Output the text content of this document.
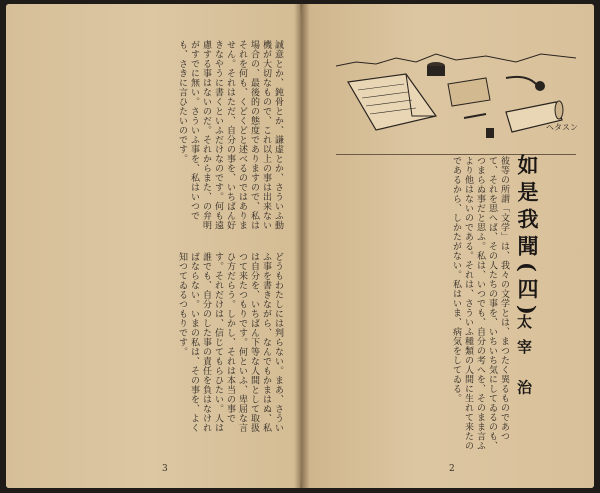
誠意とか、鈍骨とか、謙虚とか、さういふ動機が大切なもので、これ以上の事は出来ない場合の、最後的の態度でありますので、私はそれを何も、くどくどと述べるのではありません。それはただ、自分の事を、いちばん好きなやうに書くといふだけなのです。何も遠慮する事はないのだ。それからまた、の弁明がすでに無い。さういふ事を、私はいつでも、さきに言ひたいのです。
どうもわたしには判らない。まあ、さういふ事を書きながら、なんでもかまはぬ、私は自分を、いちばん下等な人間として取扱つて来たつもりです。何といふ、卑屈な言ひ方だらう。しかし、それは本当の事です。それだけは、信じてもらひたい。人は誰でも、自分のした事の責任を負はなければならない。いまの私は、その事を、よく知つてゐるつもりです。
3
ヘタスン
彼等の所謂「文学」は、我々の文学とは、まつたく異るものであつて、それを思へば、その人たちの事を、いちいち気にしてゐるのも、つまらぬ事だと思ふ。私は、いつでも、自分の考へを、そのまま言ふより他はないのである。それは、さういふ種類の人間に生れて来たのであるから、しかたがない。私はいま、病気をしてゐる。	如是我聞(四)
太宰 治
2
